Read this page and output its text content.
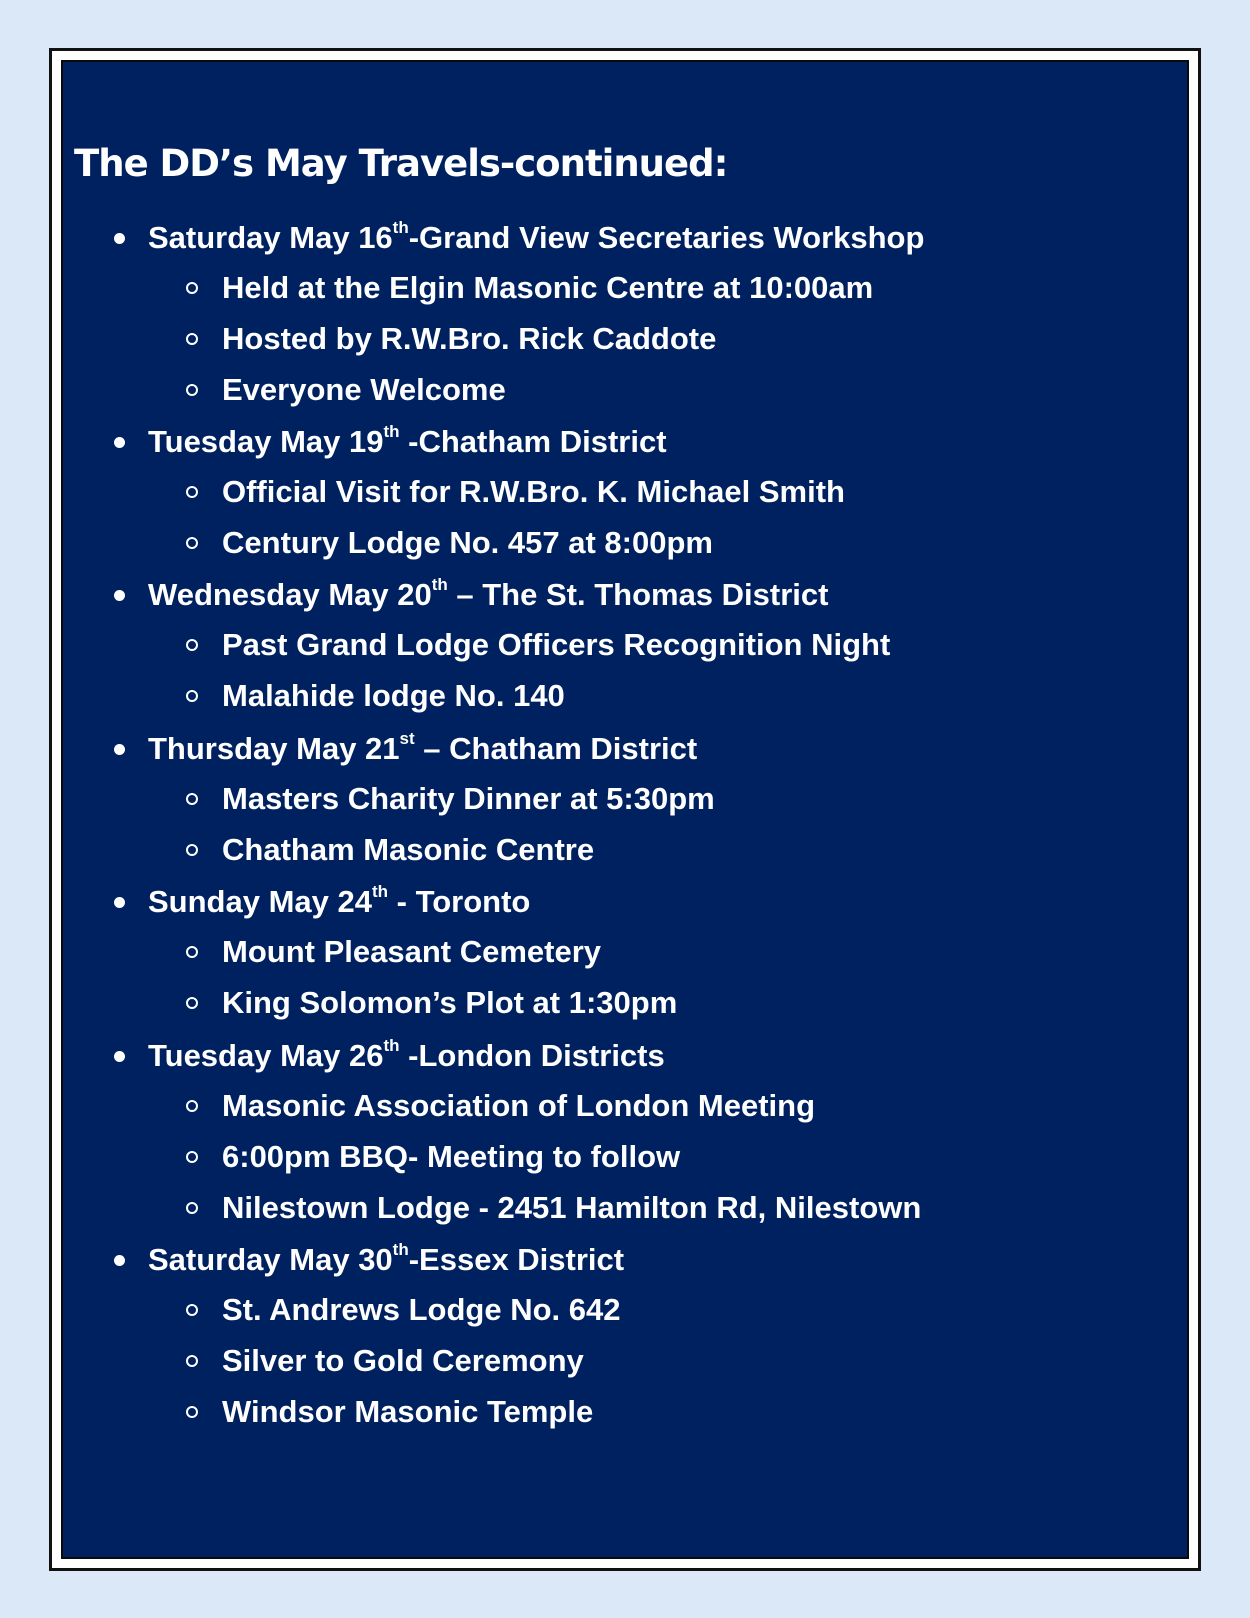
The DD’s May Travels-continued:
Saturday May 16th-Grand View Secretaries Workshop
Held at the Elgin Masonic Centre at 10:00am
Hosted by R.W.Bro. Rick Caddote
Everyone Welcome
Tuesday May 19th -Chatham District
Official Visit for R.W.Bro. K. Michael Smith
Century Lodge No. 457 at 8:00pm
Wednesday May 20th – The St. Thomas District
Past Grand Lodge Officers Recognition Night
Malahide lodge No. 140
Thursday May 21st – Chatham District
Masters Charity Dinner at 5:30pm
Chatham Masonic Centre
Sunday May 24th - Toronto
Mount Pleasant Cemetery
King Solomon’s Plot at 1:30pm
Tuesday May 26th -London Districts
Masonic Association of London Meeting
6:00pm BBQ- Meeting to follow
Nilestown Lodge - 2451 Hamilton Rd, Nilestown
Saturday May 30th-Essex District
St. Andrews Lodge No. 642
Silver to Gold Ceremony
Windsor Masonic Temple
